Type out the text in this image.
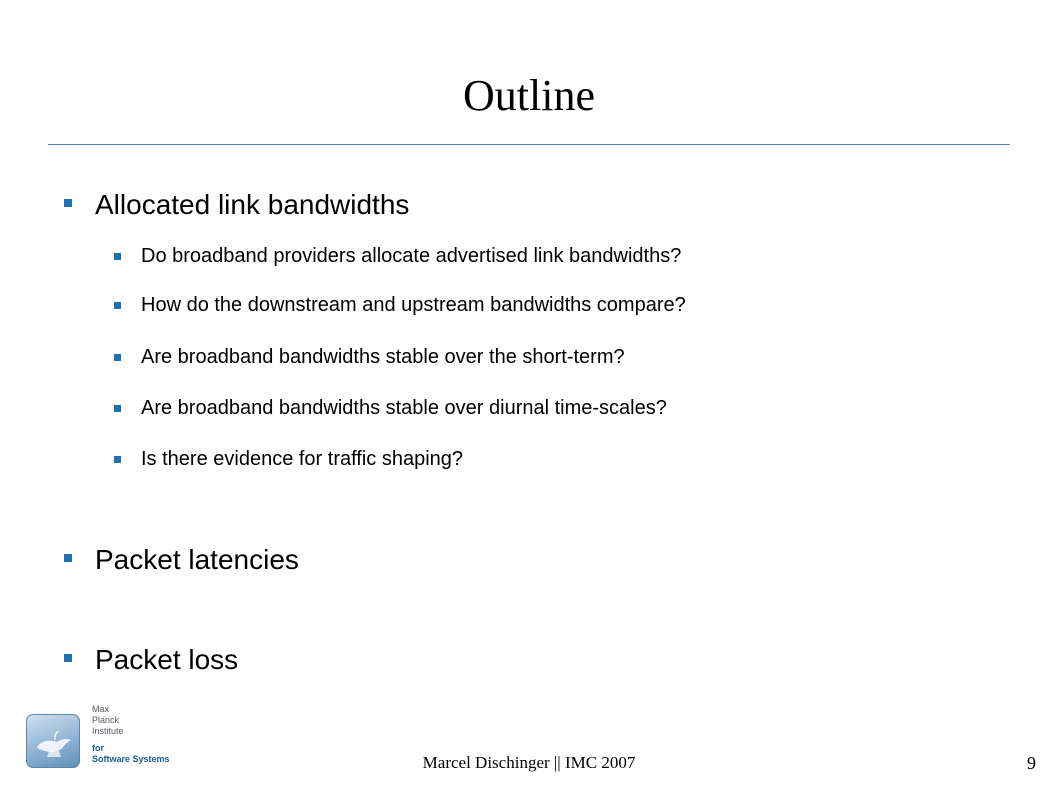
Outline
Allocated link bandwidths
Do broadband providers allocate advertised link bandwidths?
How do the downstream and upstream bandwidths compare?
Are broadband bandwidths stable over the short-term?
Are broadband bandwidths stable over diurnal time-scales?
Is there evidence for traffic shaping?
Packet latencies
Packet loss
Max
Planck
Institute
for
Software Systems	Marcel Dischinger || IMC 2007	9
